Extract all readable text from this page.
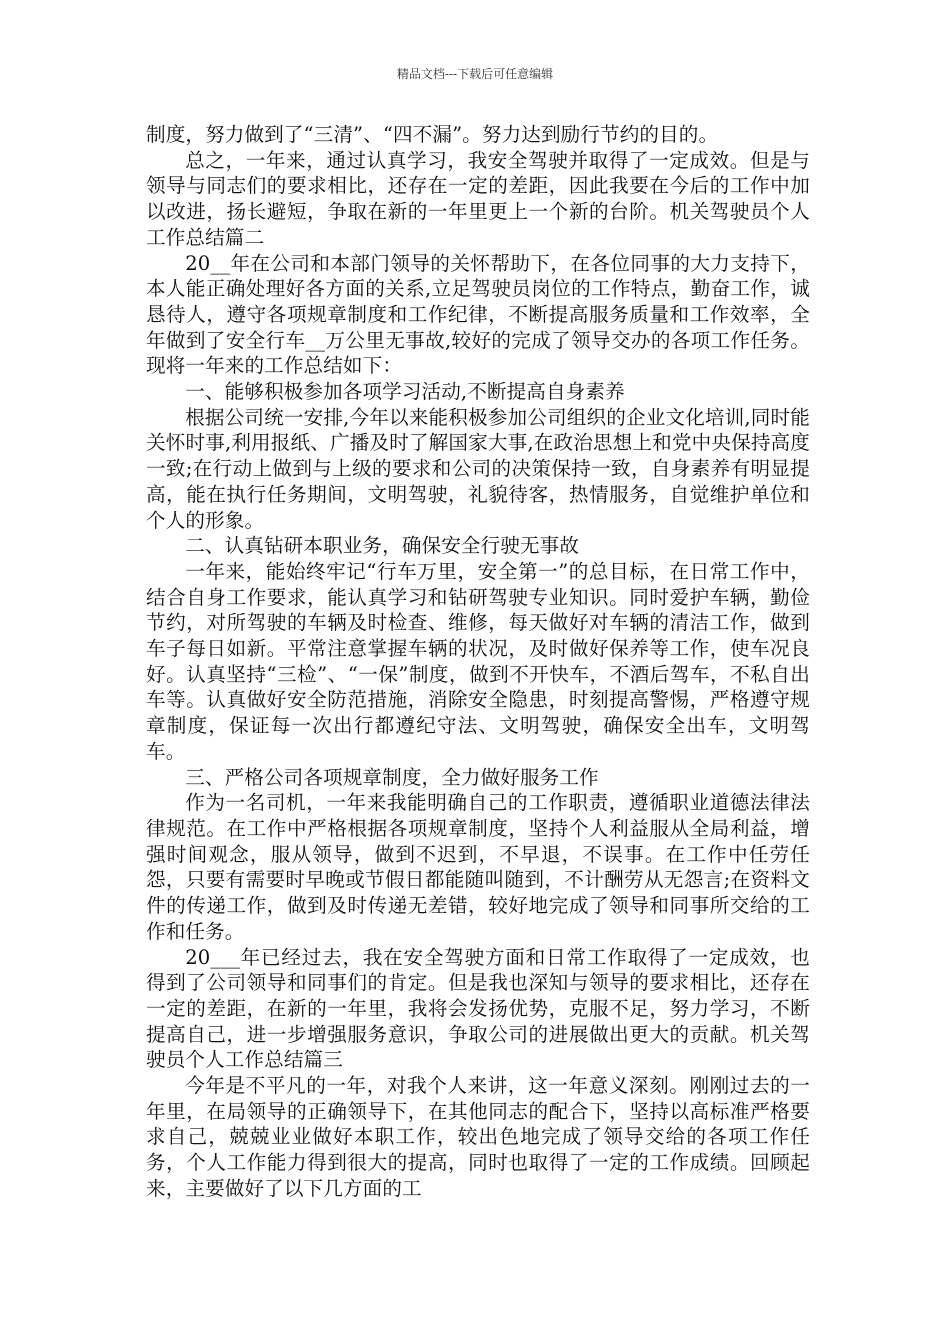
精品文档---下载后可任意编辑

制度，努力做到了“三清”、“四不漏”。努力达到励行节约的目的。

总之，一年来，通过认真学习，我安全驾驶并取得了一定成效。但是与领导与同志们的要求相比，还存在一定的差距，因此我要在今后的工作中加以改进，扬长避短，争取在新的一年里更上一个新的台阶。机关驾驶员个人工作总结篇二

20__年在公司和本部门领导的关怀帮助下，在各位同事的大力支持下，本人能正确处理好各方面的关系,立足驾驶员岗位的工作特点，勤奋工作，诚恳待人，遵守各项规章制度和工作纪律，不断提高服务质量和工作效率，全年做到了安全行车__万公里无事故,较好的完成了领导交办的各项工作任务。现将一年来的工作总结如下：

一、能够积极参加各项学习活动,不断提高自身素养

根据公司统一安排,今年以来能积极参加公司组织的企业文化培训,同时能关怀时事,利用报纸、广播及时了解国家大事,在政治思想上和党中央保持高度一致;在行动上做到与上级的要求和公司的决策保持一致，自身素养有明显提高，能在执行任务期间，文明驾驶，礼貌待客，热情服务，自觉维护单位和个人的形象。

二、认真钻研本职业务，确保安全行驶无事故

一年来，能始终牢记“行车万里，安全第一”的总目标，在日常工作中，结合自身工作要求，能认真学习和钻研驾驶专业知识。同时爱护车辆，勤俭节约，对所驾驶的车辆及时检查、维修，每天做好对车辆的清洁工作，做到车子每日如新。平常注意掌握车辆的状况，及时做好保养等工作，使车况良好。认真坚持“三检”、“一保”制度，做到不开快车，不酒后驾车，不私自出车等。认真做好安全防范措施，消除安全隐患，时刻提高警惕，严格遵守规章制度，保证每一次出行都遵纪守法、文明驾驶，确保安全出车，文明驾车。

三、严格公司各项规章制度，全力做好服务工作

作为一名司机，一年来我能明确自己的工作职责，遵循职业道德法律法律规范。在工作中严格根据各项规章制度，坚持个人利益服从全局利益，增强时间观念，服从领导，做到不迟到，不早退，不误事。在工作中任劳任怨，只要有需要时早晚或节假日都能随叫随到，不计酬劳从无怨言;在资料文件的传递工作，做到及时传递无差错，较好地完成了领导和同事所交给的工作和任务。

20___年已经过去，我在安全驾驶方面和日常工作取得了一定成效，也得到了公司领导和同事们的肯定。但是我也深知与领导的要求相比，还存在一定的差距，在新的一年里，我将会发扬优势，克服不足，努力学习，不断提高自己，进一步增强服务意识，争取公司的进展做出更大的贡献。机关驾驶员个人工作总结篇三

今年是不平凡的一年，对我个人来讲，这一年意义深刻。刚刚过去的一年里，在局领导的正确领导下，在其他同志的配合下，坚持以高标准严格要求自己，兢兢业业做好本职工作，较出色地完成了领导交给的各项工作任务，个人工作能力得到很大的提高，同时也取得了一定的工作成绩。回顾起来，主要做好了以下几方面的工
